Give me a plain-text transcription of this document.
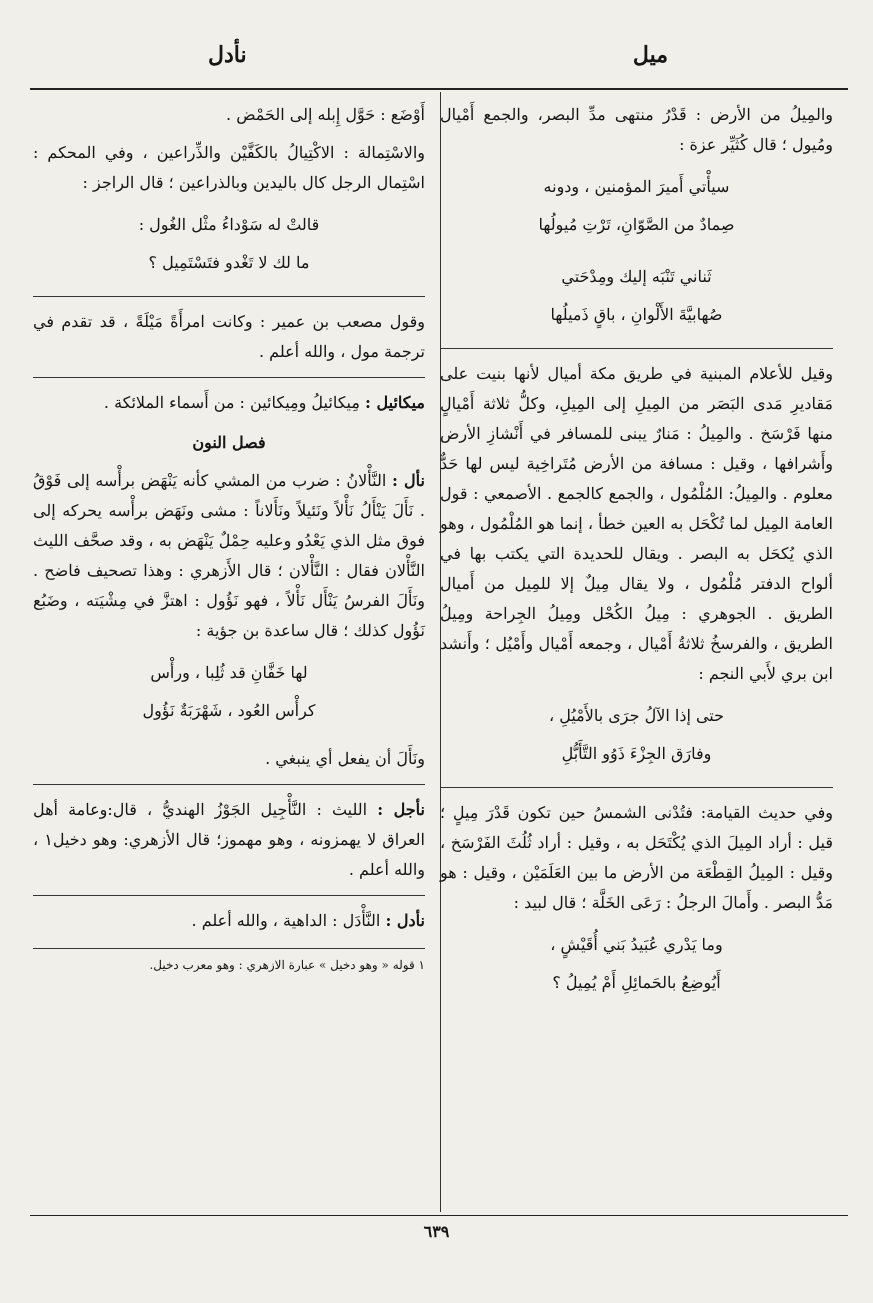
ميل
نأدل

والمِيلُ من الأرض : قَدْرُ منتهى مدِّ البصر، والجمع أَمْيال ومُيول ؛ قال كُثَيِّر عزة :

سيأْتي أَميرَ المؤمنين ، ودونه
صِمادٌ من الصَّوّانِ، تَرْتِ مُيولُها
ثَناني تَنْبَه إليك ومِدْحَتي
صُهابيَّةَ الأَلْوانِ ، باقٍ ذَميلُها

وقيل للأعلام المبنية في طريق مكة أميال لأنها بنيت على مَقاديرِ مَدى البَصَر من المِيلِ إلى المِيلِ، وكلُّ ثلاثة أَمْيالٍ منها فَرْسَخ . والمِيلُ : مَنارٌ يبنى للمسافر في أَنْشازِ الأرض وأَشرافها ، وقيل : مسافة من الأرض مُتَراخِية ليس لها حَدٌّ معلوم . والمِيلُ: المُلْمُول ، والجمع كالجمع . الأصمعي : قول العامة المِيل لما تُكْحَل به العين خطأ ، إنما هو المُلْمُول ، وهو الذي يُكحَل به البصر . ويقال للحديدة التي يكتب بها في ألواح الدفتر مُلْمُول ، ولا يقال مِيلٌ إلا للمِيل من أَميال الطريق . الجوهري : مِيلُ الكُحْل ومِيلُ الجِراحة ومِيلُ الطريق ، والفرسخُ ثلاثةُ أَمْيال ، وجمعه أَمْيال وأَمْيُل ؛ وأَنشد ابن بري لأَبي النجم :

حتى إذا الآلُ جرَى بالأَمْيُلِ ،
وفارَق الجِزْءَ ذَوُو التَّأَبُّلِ

وفي حديث القيامة: فتُدْنى الشمسُ حين تكون قَدْرَ مِيلٍ ؛ قيل : أراد المِيلَ الذي يُكْتَحَل به ، وقيل : أراد ثُلُثَ الفَرْسَخ ، وقيل : المِيلُ القِطْعَة من الأرض ما بين العَلَمَيْن ، وقيل : هو مَدُّ البصر . وأَمالَ الرجلُ : رَعَى الخَلَّة ؛ قال لبيد :

وما يَدْري عُبَيدُ بَني أُقَيْشٍ ،
أَيُوضِعُ بالحَمائِلِ أَمْ يُمِيلُ ؟

أَوْضَع : حَوَّل إِبله إلى الحَمْض .

والاسْتِمالة : الاكْتِيالُ بالكَفَّيْن والذِّراعين ، وفي المحكم : اسْتِمال الرجل كال باليدين وبالذراعين ؛ قال الراجز :

قالتْ له سَوْداءُ مثْل الغُول :
ما لك لا تَغْدو فتَسْتَمِيل ؟

وقول مصعب بن عمير : وكانت امرأَةً مَيْلَةً ، قد تقدم في ترجمة مول ، والله أعلم .

ميكائيل : مِيكائيلُ ومِيكائين : من أَسماء الملائكة .

فصل النون

نأل : النَّأْلانُ : ضرب من المشي كأنه يَنْهَض برأْسه إلى فَوْقُ . نَأَلَ يَنْأَلُ نَأْلاً ونَئيلاً ونَأَلاناً : مشى ونَهَض برأْسه يحركه إلى فوق مثل الذي يَعْدُو وعليه حِمْلٌ يَنْهَض به ، وقد صحَّف الليث النَّأْلان فقال : النَّأْلان ؛ قال الأَزهري : وهذا تصحيف فاضح . ونَأَلَ الفرسُ يَنْأَل نَأْلاً ، فهو نَؤُول : اهتزَّ في مِشْيَته ، وضَبُع نَؤُول كذلك ؛ قال ساعدة بن جؤية :

لها خَفَّانِ قد ثُلِبا ، ورأْس
كرأْس العُود ، شَهْرَبَةٌ نَؤُول

ونَأَلَ أن يفعل أي ينبغي .

نأجل : الليث : النَّأْجِيل الجَوْزُ الهنديُّ ، قال:وعامة أهل العراق لا يهمزونه ، وهو مهموز؛ قال الأزهري: وهو دخيل١ ، والله أعلم .

نأدل : النَّأْدَل : الداهية ، والله أعلم .

١ قوله « وهو دخيل » عبارة الازهري : وهو معرب دخيل.
٦٣٩
